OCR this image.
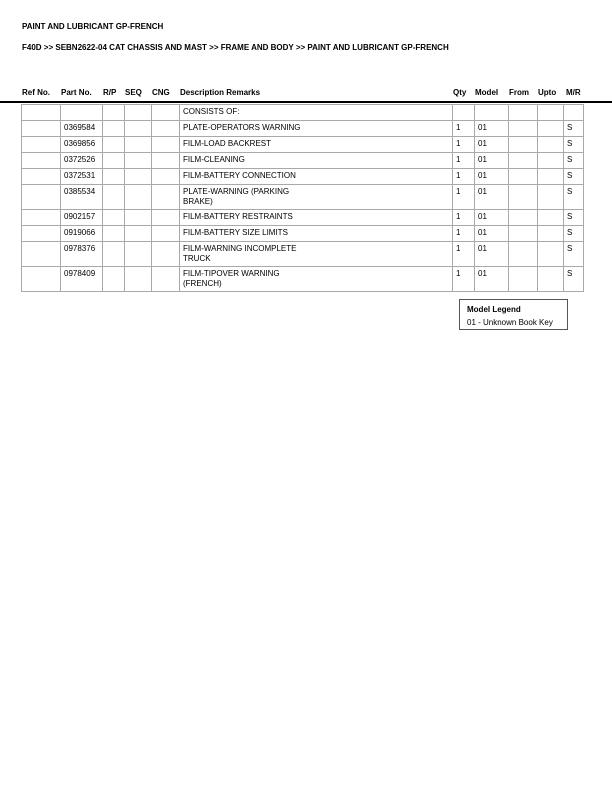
PAINT AND LUBRICANT GP-FRENCH
F40D >> SEBN2622-04 CAT CHASSIS AND MAST >> FRAME AND BODY >> PAINT AND LUBRICANT GP-FRENCH
Ref No. Part No. R/P SEQ CNG Description Remarks	Qty Model From Upto M/R
					CONSISTS OF:					
	0369584				PLATE-OPERATORS WARNING	1	01			S
	0369856				FILM-LOAD BACKREST	1	01			S
	0372526				FILM-CLEANING	1	01			S
	0372531				FILM-BATTERY CONNECTION	1	01			S
	0385534				PLATE-WARNING (PARKING
BRAKE)	1	01			S
	0902157				FILM-BATTERY RESTRAINTS	1	01			S
	0919066				FILM-BATTERY SIZE LIMITS	1	01			S
	0978376				FILM-WARNING INCOMPLETE
TRUCK	1	01			S
	0978409				FILM-TIPOVER WARNING
(FRENCH)	1	01			S
Model Legend
01 - Unknown Book Key
